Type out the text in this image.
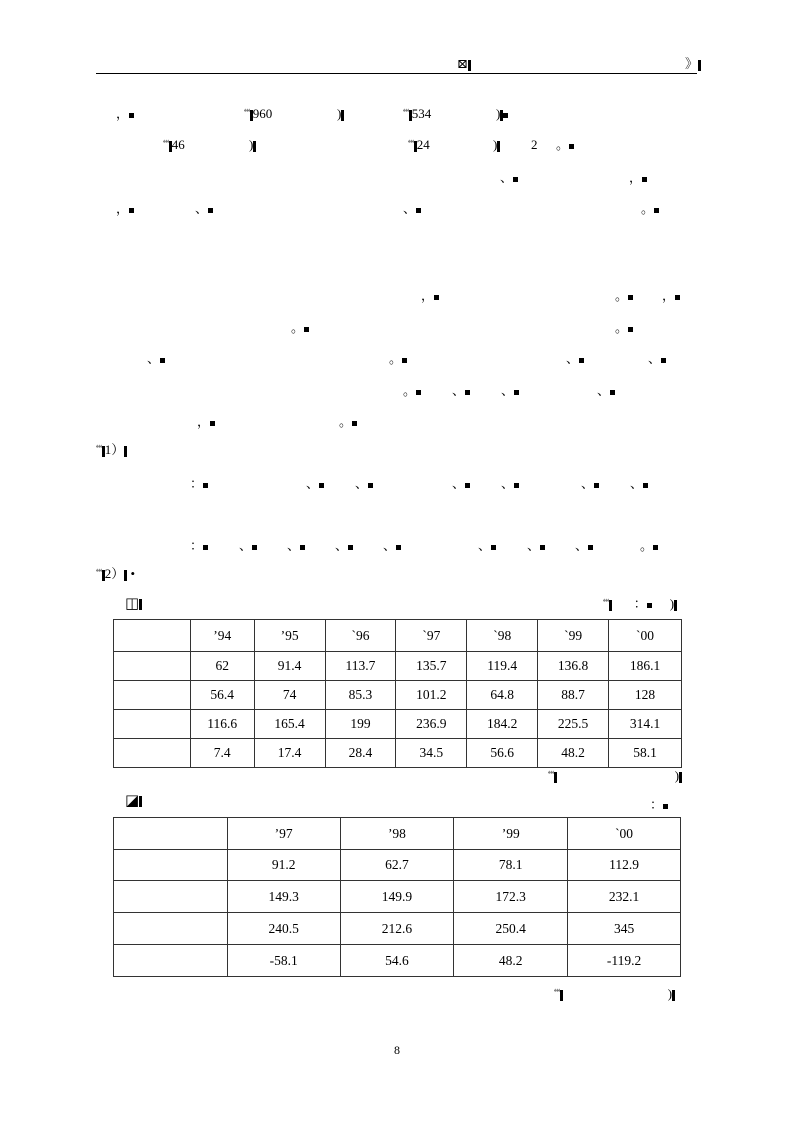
⊠	》
，	“‘ 960	)	“‘ 534	)
“‘ 46	)	“‘ 24	)	2 。
、	，
，	、	、	。
，	。	，
。	。
、	。	、	、
。	、	、	、
，	。
“‘ 1）
：	、	、	、	、	、	、
：	、	、	、	、	、	、	、	。
“‘ 2） •
◫	“‘ ： )
	’94	’95	`96	`97	`98	`99	`00
	62	91.4	113.7	135.7	119.4	136.8	186.1
	56.4	74	85.3	101.2	64.8	88.7	128
	116.6	165.4	199	236.9	184.2	225.5	314.1
	7.4	17.4	28.4	34.5	56.6	48.2	58.1
“‘	)
◪	：
	’97	’98	’99	`00
	91.2	62.7	78.1	112.9
	149.3	149.9	172.3	232.1
	240.5	212.6	250.4	345
	-58.1	54.6	48.2	-119.2
“‘	)
8
